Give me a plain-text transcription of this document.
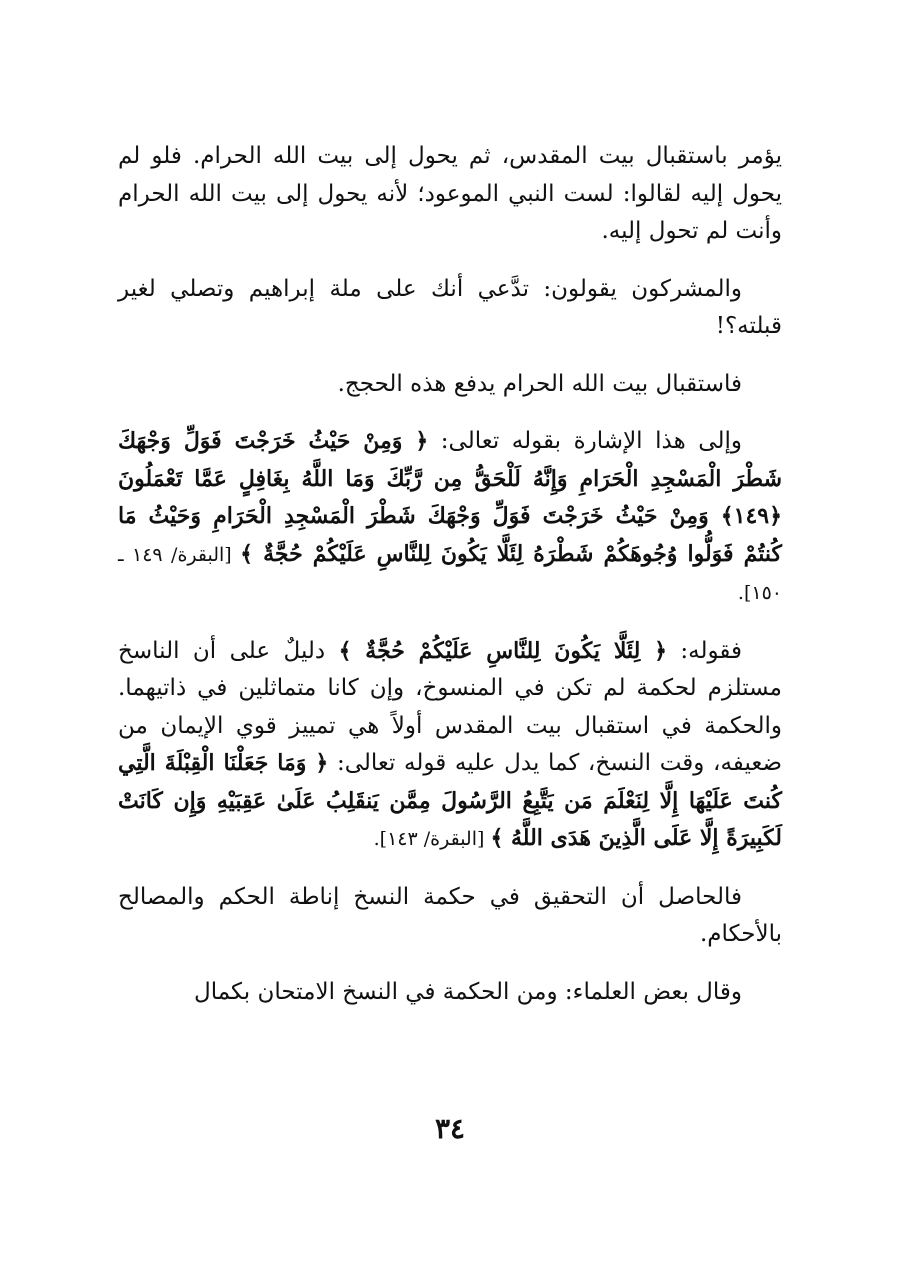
يؤمر باستقبال بيت المقدس، ثم يحول إلى بيت الله الحرام. فلو لم يحول إليه لقالوا: لست النبي الموعود؛ لأنه يحول إلى بيت الله الحرام وأنت لم تحول إليه.

والمشركون يقولون: تدَّعي أنك على ملة إبراهيم وتصلي لغير قبلته؟!

فاستقبال بيت الله الحرام يدفع هذه الحجج.

وإلى هذا الإشارة بقوله تعالى: ﴿ وَمِنْ حَيْثُ خَرَجْتَ فَوَلِّ وَجْهَكَ شَطْرَ الْمَسْجِدِ الْحَرَامِ وَإِنَّهُ لَلْحَقُّ مِن رَّبِّكَ وَمَا اللَّهُ بِغَافِلٍ عَمَّا تَعْمَلُونَ ﴿١٤٩﴾ وَمِنْ حَيْثُ خَرَجْتَ فَوَلِّ وَجْهَكَ شَطْرَ الْمَسْجِدِ الْحَرَامِ وَحَيْثُ مَا كُنتُمْ فَوَلُّوا وُجُوهَكُمْ شَطْرَهُ لِئَلَّا يَكُونَ لِلنَّاسِ عَلَيْكُمْ حُجَّةٌ ﴾ [البقرة/ ١٤٩ ـ ١٥٠].

فقوله: ﴿ لِئَلَّا يَكُونَ لِلنَّاسِ عَلَيْكُمْ حُجَّةٌ ﴾ دليلٌ على أن الناسخ مستلزم لحكمة لم تكن في المنسوخ، وإن كانا متماثلين في ذاتيهما. والحكمة في استقبال بيت المقدس أولاً هي تمييز قوي الإيمان من ضعيفه، وقت النسخ، كما يدل عليه قوله تعالى: ﴿ وَمَا جَعَلْنَا الْقِبْلَةَ الَّتِي كُنتَ عَلَيْهَا إِلَّا لِنَعْلَمَ مَن يَتَّبِعُ الرَّسُولَ مِمَّن يَنقَلِبُ عَلَىٰ عَقِبَيْهِ وَإِن كَانَتْ لَكَبِيرَةً إِلَّا عَلَى الَّذِينَ هَدَى اللَّهُ ﴾ [البقرة/ ١٤٣].

فالحاصل أن التحقيق في حكمة النسخ إناطة الحكم والمصالح بالأحكام.

وقال بعض العلماء: ومن الحكمة في النسخ الامتحان بكمال

٣٤
